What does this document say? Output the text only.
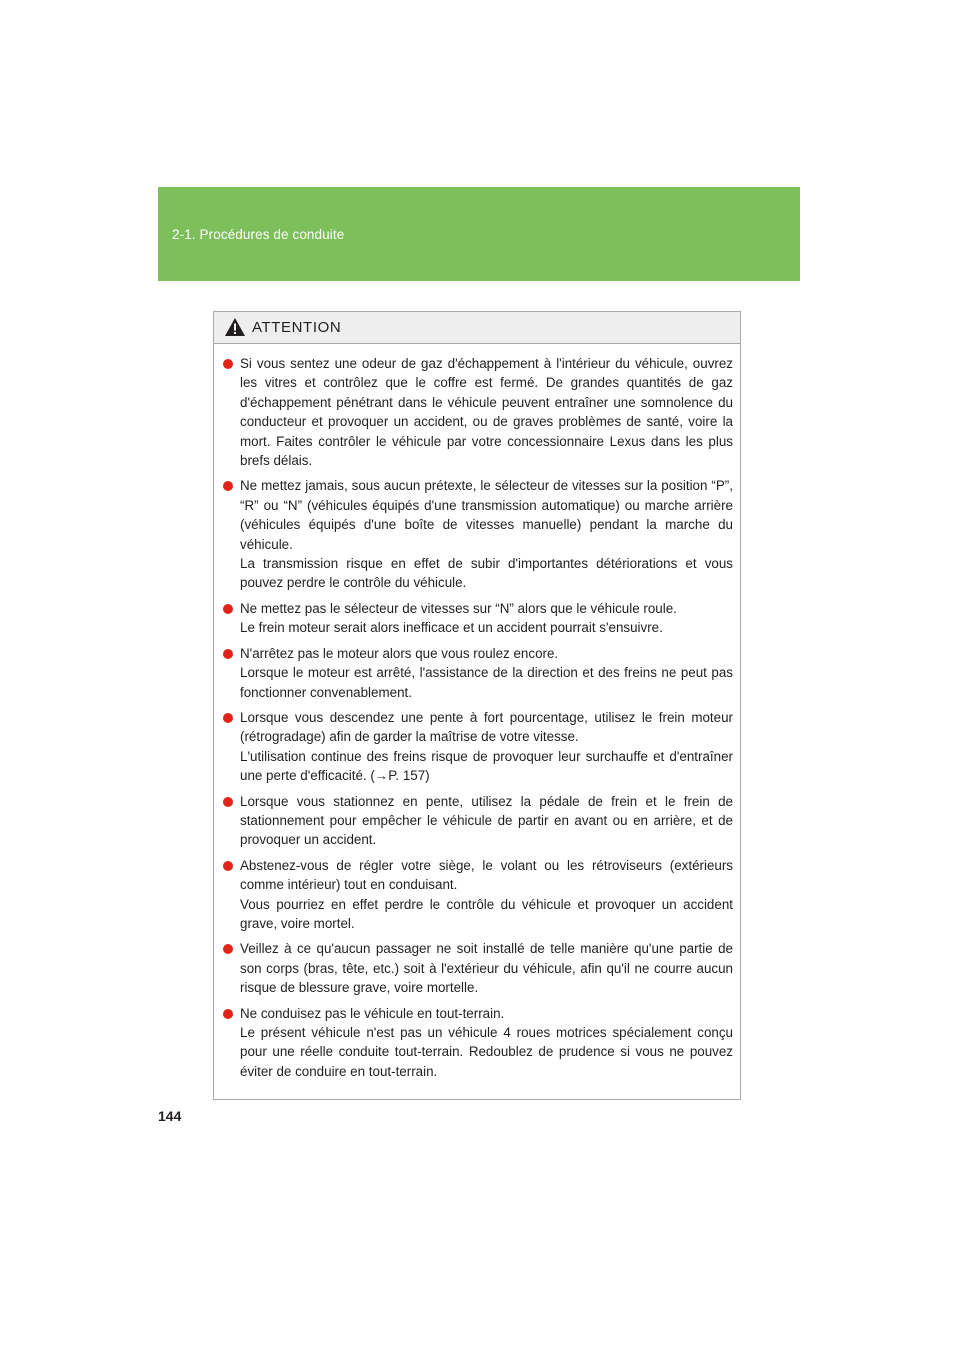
2-1. Procédures de conduite
ATTENTION

Si vous sentez une odeur de gaz d'échappement à l'intérieur du véhicule, ouvrez les vitres et contrôlez que le coffre est fermé. De grandes quantités de gaz d'échappement pénétrant dans le véhicule peuvent entraîner une somnolence du conducteur et provoquer un accident, ou de graves problèmes de santé, voire la mort. Faites contrôler le véhicule par votre concessionnaire Lexus dans les plus brefs délais.

Ne mettez jamais, sous aucun prétexte, le sélecteur de vitesses sur la position “P”, “R” ou “N” (véhicules équipés d'une transmission automatique) ou marche arrière (véhicules équipés d'une boîte de vitesses manuelle) pendant la marche du véhicule.

La transmission risque en effet de subir d'importantes détériorations et vous pouvez perdre le contrôle du véhicule.

Ne mettez pas le sélecteur de vitesses sur “N” alors que le véhicule roule.

Le frein moteur serait alors inefficace et un accident pourrait s'ensuivre.

N'arrêtez pas le moteur alors que vous roulez encore.

Lorsque le moteur est arrêté, l'assistance de la direction et des freins ne peut pas fonctionner convenablement.

Lorsque vous descendez une pente à fort pourcentage, utilisez le frein moteur (rétrogradage) afin de garder la maîtrise de votre vitesse.

L'utilisation continue des freins risque de provoquer leur surchauffe et d'entraîner une perte d'efficacité. (→P. 157)

Lorsque vous stationnez en pente, utilisez la pédale de frein et le frein de stationnement pour empêcher le véhicule de partir en avant ou en arrière, et de provoquer un accident.

Abstenez-vous de régler votre siège, le volant ou les rétroviseurs (extérieurs comme intérieur) tout en conduisant.

Vous pourriez en effet perdre le contrôle du véhicule et provoquer un accident grave, voire mortel.

Veillez à ce qu'aucun passager ne soit installé de telle manière qu'une partie de son corps (bras, tête, etc.) soit à l'extérieur du véhicule, afin qu'il ne courre aucun risque de blessure grave, voire mortelle.

Ne conduisez pas le véhicule en tout-terrain.

Le présent véhicule n'est pas un véhicule 4 roues motrices spécialement conçu pour une réelle conduite tout-terrain. Redoublez de prudence si vous ne pouvez éviter de conduire en tout-terrain.

144
